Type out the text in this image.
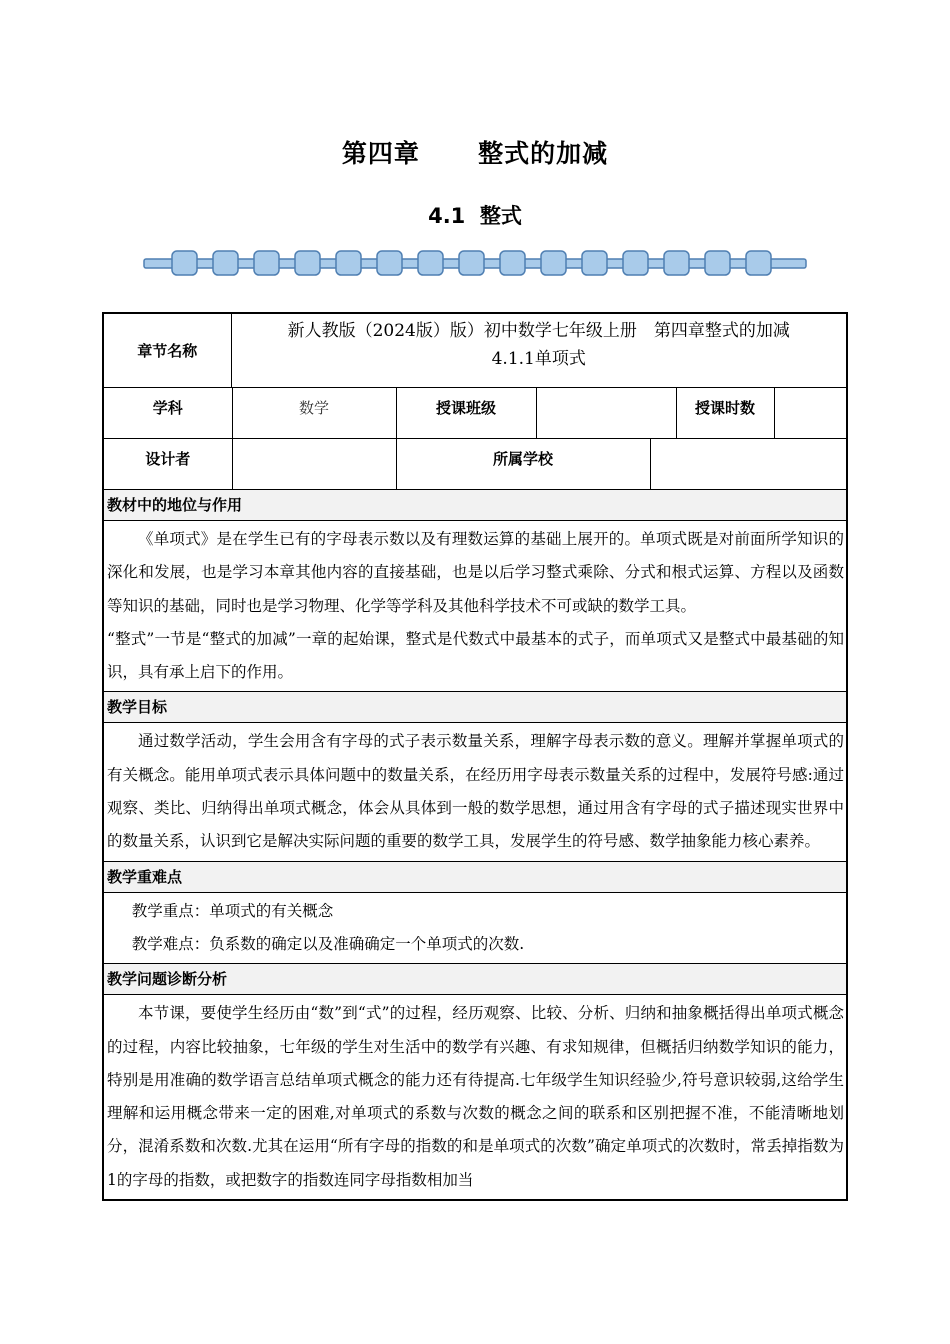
第四章      整式的加减
4.1  整式
章节名称	
新人教版（2024版）版）初中数学七年级上册　第四章整式的加减
4.1.1单项式

学科	数学	授课班级		授课时数	

设计者		所属学校	

教材中的地位与作用

《单项式》是在学生已有的字母表示数以及有理数运算的基础上展开的。单项式既是对前面所学知识的深化和发展，也是学习本章其他内容的直接基础，也是以后学习整式乘除、分式和根式运算、方程以及函数等知识的基础，同时也是学习物理、化学等学科及其他科学技术不可或缺的数学工具。

“整式”一节是“整式的加减”一章的起始课，整式是代数式中最基本的式子，而单项式又是整式中最基础的知识，具有承上启下的作用。

教学目标

通过数学活动，学生会用含有字母的式子表示数量关系，理解字母表示数的意义。理解并掌握单项式的有关概念。能用单项式表示具体问题中的数量关系，在经历用字母表示数量关系的过程中，发展符号感:通过观察、类比、归纳得出单项式概念，体会从具体到一般的数学思想，通过用含有字母的式子描述现实世界中的数量关系，认识到它是解决实际问题的重要的数学工具，发展学生的符号感、数学抽象能力核心素养。

教学重难点

教学重点：单项式的有关概念

教学难点：负系数的确定以及准确确定一个单项式的次数.

教学问题诊断分析

本节课，要使学生经历由“数”到“式”的过程，经历观察、比较、分析、归纳和抽象概括得出单项式概念的过程，内容比较抽象，七年级的学生对生活中的数学有兴趣、有求知规律，但概括归纳数学知识的能力，特别是用准确的数学语言总结单项式概念的能力还有待提高.七年级学生知识经验少,符号意识较弱,这给学生理解和运用概念带来一定的困难,对单项式的系数与次数的概念之间的联系和区别把握不准，不能清晰地划分，混淆系数和次数.尤其在运用“所有字母的指数的和是单项式的次数”确定单项式的次数时，常丢掉指数为1的字母的指数，或把数字的指数连同字母指数相加当
